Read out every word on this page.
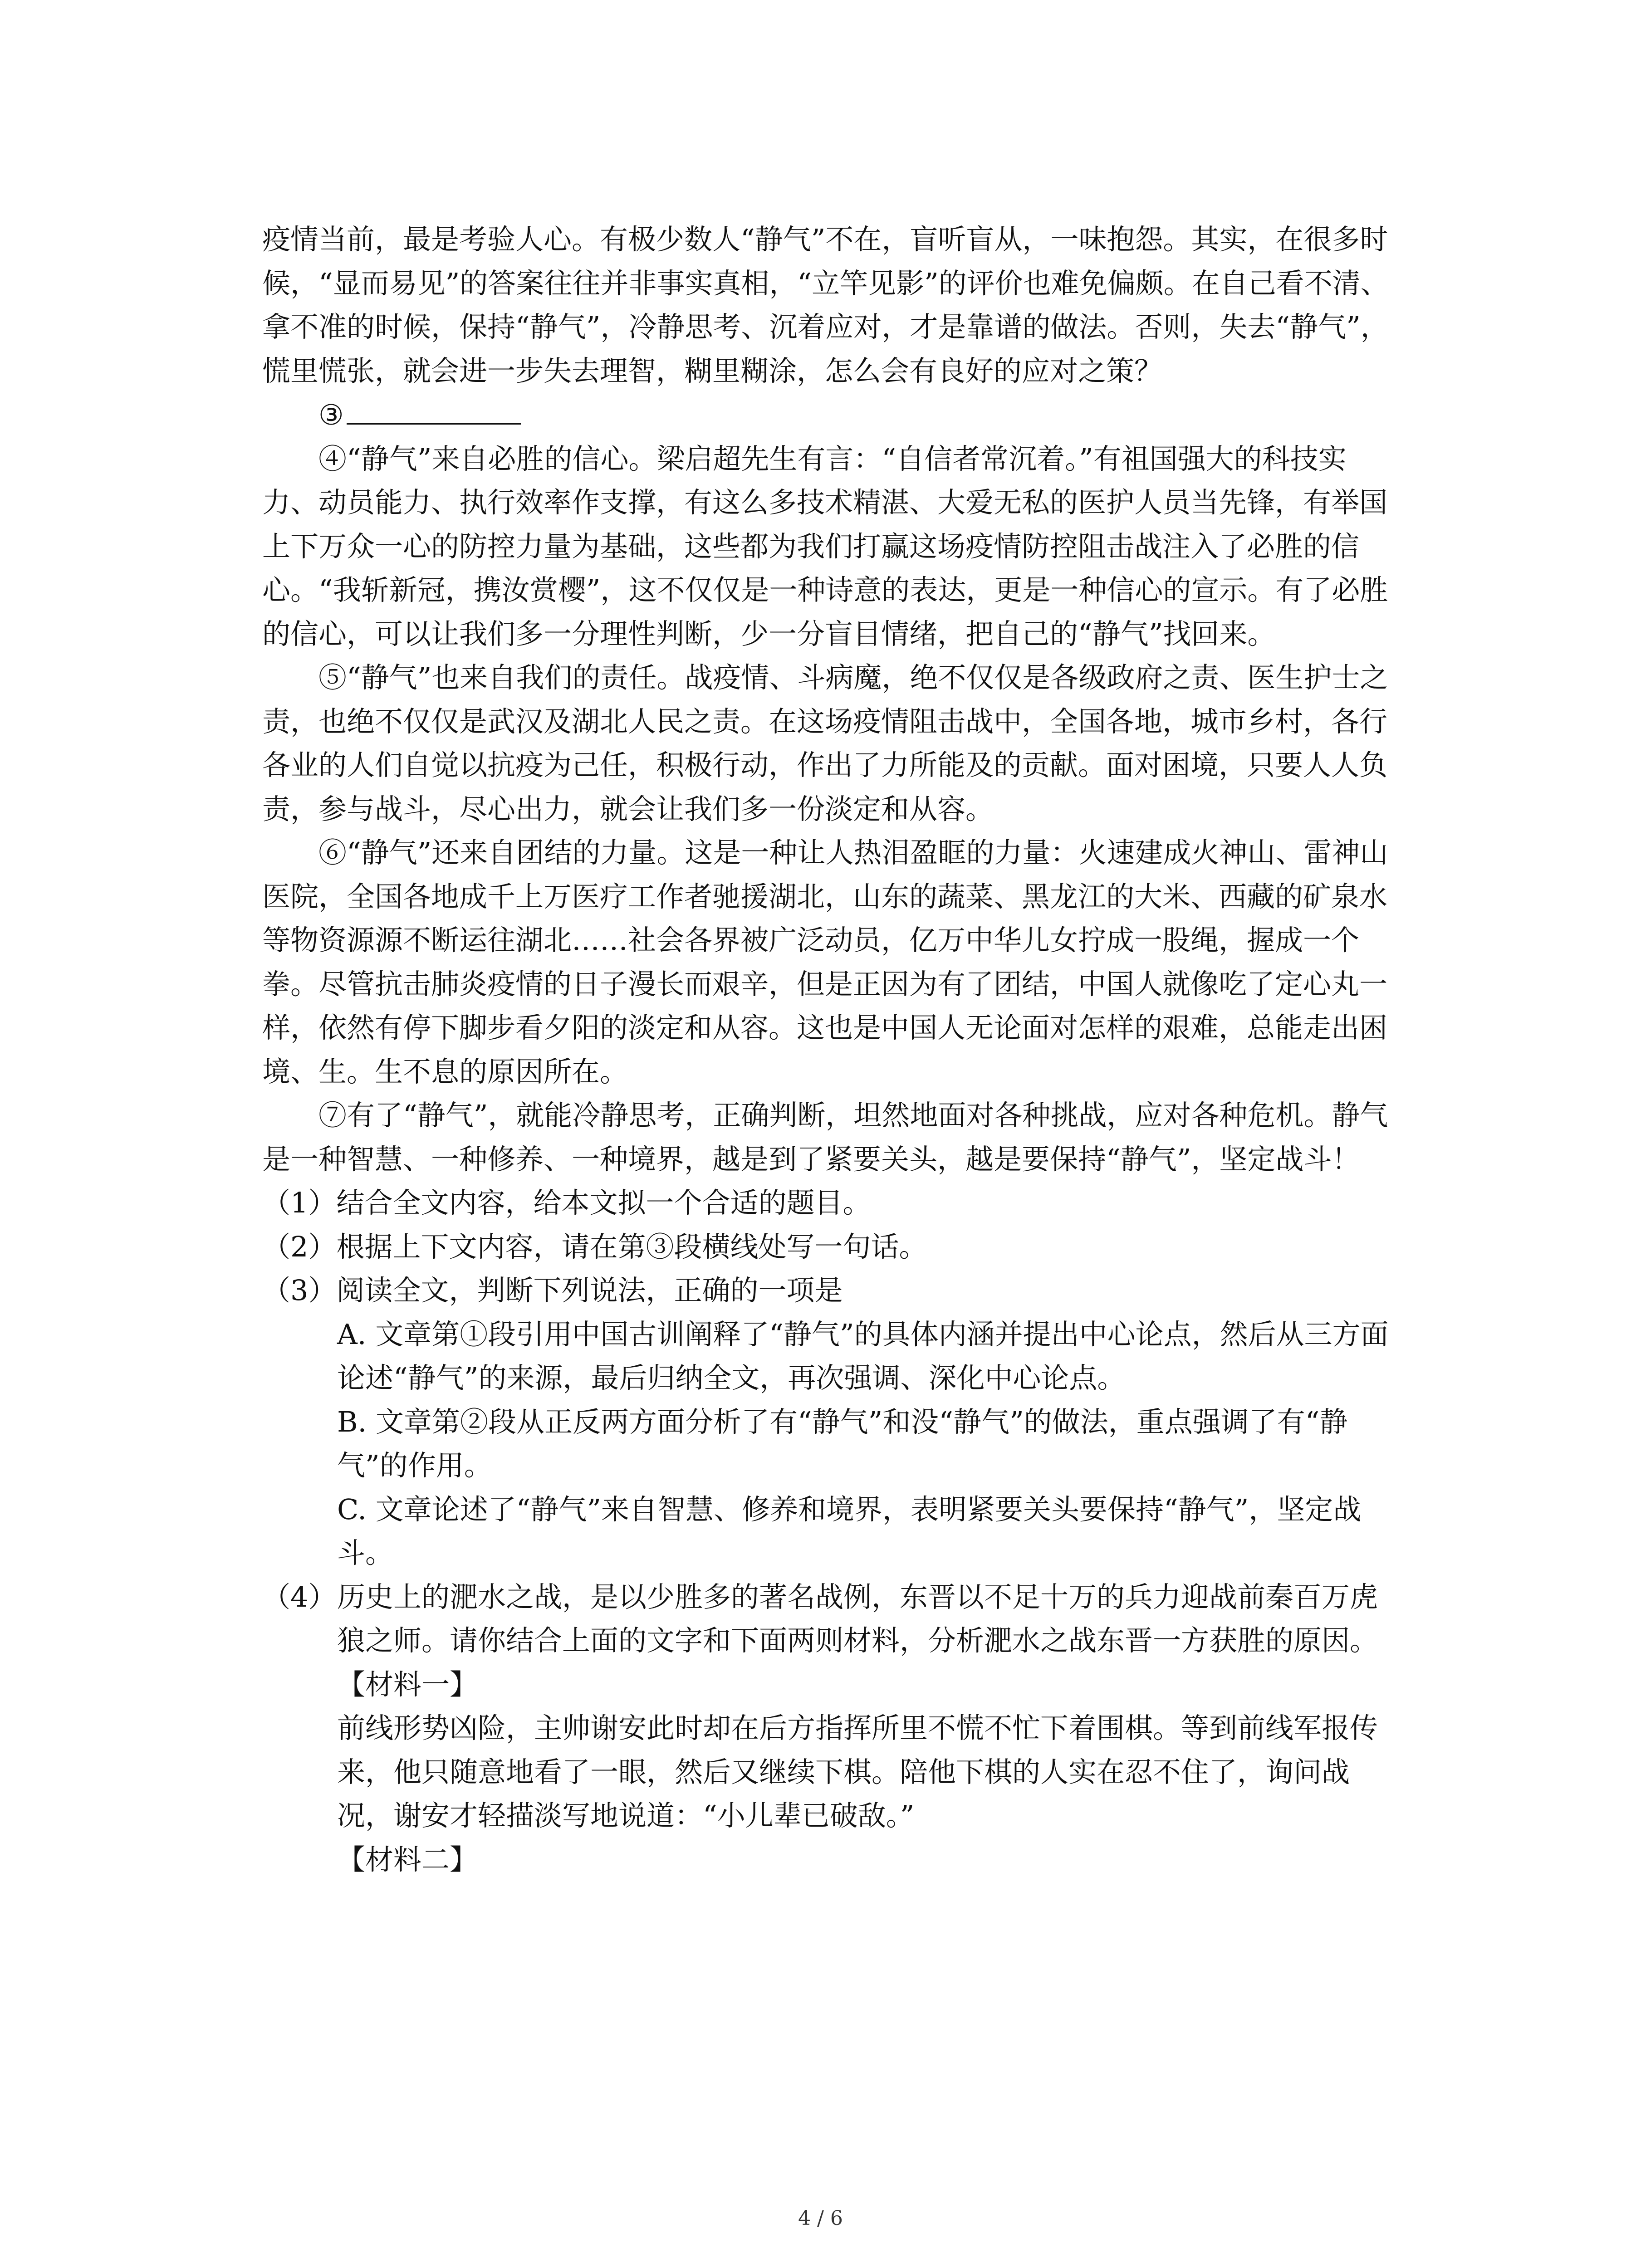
疫情当前，最是考验人心。有极少数人“静气”不在，盲听盲从，一味抱怨。其实，在很多时候，“显而易见”的答案往往并非事实真相，“立竿见影”的评价也难免偏颇。在自己看不清、拿不准的时候，保持“静气”，冷静思考、沉着应对，才是靠谱的做法。否则，失去“静气”，慌里慌张，就会进一步失去理智，糊里糊涂，怎么会有良好的应对之策？

③

④“静气”来自必胜的信心。梁启超先生有言：“自信者常沉着。”有祖国强大的科技实力、动员能力、执行效率作支撑，有这么多技术精湛、大爱无私的医护人员当先锋，有举国上下万众一心的防控力量为基础，这些都为我们打赢这场疫情防控阻击战注入了必胜的信心。“我斩新冠，携汝赏樱”，这不仅仅是一种诗意的表达，更是一种信心的宣示。有了必胜的信心，可以让我们多一分理性判断，少一分盲目情绪，把自己的“静气”找回来。

⑤“静气”也来自我们的责任。战疫情、斗病魔，绝不仅仅是各级政府之责、医生护士之责，也绝不仅仅是武汉及湖北人民之责。在这场疫情阻击战中，全国各地，城市乡村，各行各业的人们自觉以抗疫为己任，积极行动，作出了力所能及的贡献。面对困境，只要人人负责，参与战斗，尽心出力，就会让我们多一份淡定和从容。

⑥“静气”还来自团结的力量。这是一种让人热泪盈眶的力量：火速建成火神山、雷神山医院，全国各地成千上万医疗工作者驰援湖北，山东的蔬菜、黑龙江的大米、西藏的矿泉水等物资源源不断运往湖北……社会各界被广泛动员，亿万中华儿女拧成一股绳，握成一个拳。尽管抗击肺炎疫情的日子漫长而艰辛，但是正因为有了团结，中国人就像吃了定心丸一样，依然有停下脚步看夕阳的淡定和从容。这也是中国人无论面对怎样的艰难，总能走出困境、生。生不息的原因所在。

⑦有了“静气”，就能冷静思考，正确判断，坦然地面对各种挑战，应对各种危机。静气是一种智慧、一种修养、一种境界，越是到了紧要关头，越是要保持“静气”，坚定战斗！

（1）结合全文内容，给本文拟一个合适的题目。

（2）根据上下文内容，请在第③段横线处写一句话。

（3）阅读全文，判断下列说法，正确的一项是

A. 文章第①段引用中国古训阐释了“静气”的具体内涵并提出中心论点，然后从三方面论述“静气”的来源，最后归纳全文，再次强调、深化中心论点。

B. 文章第②段从正反两方面分析了有“静气”和没“静气”的做法，重点强调了有“静气”的作用。

C. 文章论述了“静气”来自智慧、修养和境界，表明紧要关头要保持“静气”，坚定战斗。

（4）历史上的淝水之战，是以少胜多的著名战例，东晋以不足十万的兵力迎战前秦百万虎狼之师。请你结合上面的文字和下面两则材料，分析淝水之战东晋一方获胜的原因。

【材料一】

前线形势凶险，主帅谢安此时却在后方指挥所里不慌不忙下着围棋。等到前线军报传来，他只随意地看了一眼，然后又继续下棋。陪他下棋的人实在忍不住了，询问战况，谢安才轻描淡写地说道：“小儿辈已破敌。”

【材料二】

4 / 6
